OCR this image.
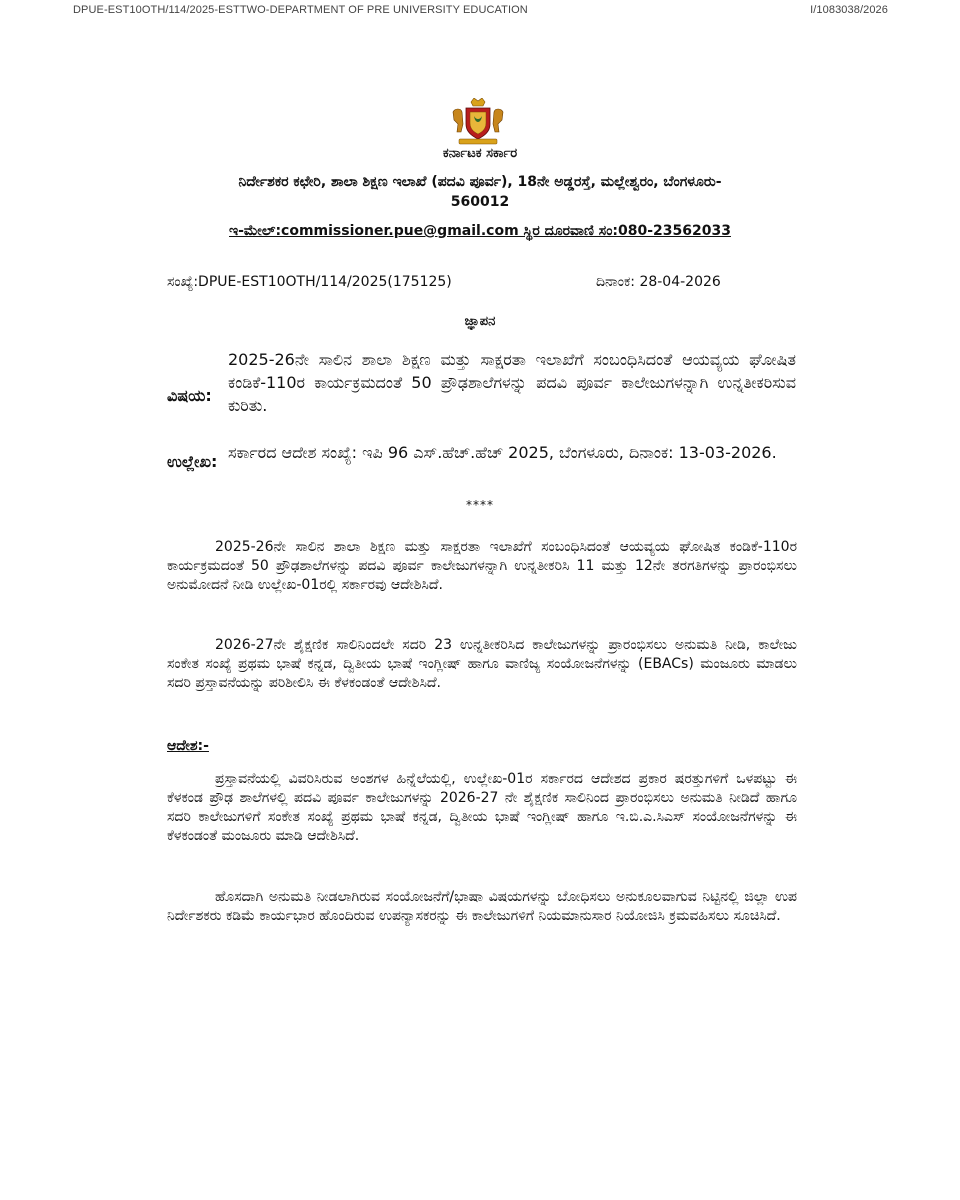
DPUE-EST10OTH/114/2025-ESTTWO-DEPARTMENT OF PRE UNIVERSITY EDUCATION	I/1083038/2026
ಕರ್ನಾಟಕ ಸರ್ಕಾರ
ನಿರ್ದೇಶಕರ ಕಛೇರಿ, ಶಾಲಾ ಶಿಕ್ಷಣ ಇಲಾಖೆ (ಪದವಿ ಪೂರ್ವ), 18ನೇ ಅಡ್ಡರಸ್ತೆ, ಮಲ್ಲೇಶ್ವರಂ, ಬೆಂಗಳೂರು-
560012
ಇ-ಮೇಲ್:commissioner.pue@gmail.com ಸ್ಥಿರ ದೂರವಾಣಿ ಸಂ:080-23562033
ಸಂಖ್ಯೆ:DPUE-EST10OTH/114/2025(175125)	ದಿನಾಂಕ: 28-04-2026
ಜ್ಞಾಪನ
ವಿಷಯ:
2025-26ನೇ ಸಾಲಿನ ಶಾಲಾ ಶಿಕ್ಷಣ ಮತ್ತು ಸಾಕ್ಷರತಾ ಇಲಾಖೆಗೆ ಸಂಬಂಧಿಸಿದಂತೆ ಆಯವ್ಯಯ ಘೋಷಿತ ಕಂಡಿಕೆ-110ರ ಕಾರ್ಯಕ್ರಮದಂತೆ 50 ಪ್ರೌಢಶಾಲೆಗಳನ್ನು ಪದವಿ ಪೂರ್ವ ಕಾಲೇಜುಗಳನ್ನಾಗಿ ಉನ್ನತೀಕರಿಸುವ ಕುರಿತು.
ಉಲ್ಲೇಖ: ಸರ್ಕಾರದ ಆದೇಶ ಸಂಖ್ಯೆ: ಇಪಿ 96 ಎಸ್.ಹೆಚ್.ಹೆಚ್ 2025, ಬೆಂಗಳೂರು, ದಿನಾಂಕ: 13-03-2026.
****
2025-26ನೇ ಸಾಲಿನ ಶಾಲಾ ಶಿಕ್ಷಣ ಮತ್ತು ಸಾಕ್ಷರತಾ ಇಲಾಖೆಗೆ ಸಂಬಂಧಿಸಿದಂತೆ ಆಯವ್ಯಯ ಘೋಷಿತ ಕಂಡಿಕೆ-110ರ ಕಾರ್ಯಕ್ರಮದಂತೆ 50 ಪ್ರೌಢಶಾಲೆಗಳನ್ನು ಪದವಿ ಪೂರ್ವ ಕಾಲೇಜುಗಳನ್ನಾಗಿ ಉನ್ನತೀಕರಿಸಿ 11 ಮತ್ತು 12ನೇ ತರಗತಿಗಳನ್ನು ಪ್ರಾರಂಭಿಸಲು ಅನುಮೋದನೆ ನೀಡಿ ಉಲ್ಲೇಖ-01ರಲ್ಲಿ ಸರ್ಕಾರವು ಆದೇಶಿಸಿದೆ.
2026-27ನೇ ಶೈಕ್ಷಣಿಕ ಸಾಲಿನಿಂದಲೇ ಸದರಿ 23 ಉನ್ನತೀಕರಿಸಿದ ಕಾಲೇಜುಗಳನ್ನು ಪ್ರಾರಂಭಿಸಲು ಅನುಮತಿ ನೀಡಿ, ಕಾಲೇಜು ಸಂಕೇತ ಸಂಖ್ಯೆ ಪ್ರಥಮ ಭಾಷೆ ಕನ್ನಡ, ದ್ವಿತೀಯ ಭಾಷೆ ಇಂಗ್ಲೀಷ್ ಹಾಗೂ ವಾಣಿಜ್ಯ ಸಂಯೋಜನೆಗಳನ್ನು (EBACs) ಮಂಜೂರು ಮಾಡಲು ಸದರಿ ಪ್ರಸ್ತಾವನೆಯನ್ನು ಪರಿಶೀಲಿಸಿ ಈ ಕೆಳಕಂಡಂತೆ ಆದೇಶಿಸಿದೆ.
ಆದೇಶ:-
ಪ್ರಸ್ತಾವನೆಯಲ್ಲಿ ವಿವರಿಸಿರುವ ಅಂಶಗಳ ಹಿನ್ನೆಲೆಯಲ್ಲಿ, ಉಲ್ಲೇಖ-01ರ ಸರ್ಕಾರದ ಆದೇಶದ ಪ್ರಕಾರ ಷರತ್ತುಗಳಿಗೆ ಒಳಪಟ್ಟು ಈ ಕೆಳಕಂಡ ಪ್ರೌಢ ಶಾಲೆಗಳಲ್ಲಿ ಪದವಿ ಪೂರ್ವ ಕಾಲೇಜುಗಳನ್ನು 2026-27 ನೇ ಶೈಕ್ಷಣಿಕ ಸಾಲಿನಿಂದ ಪ್ರಾರಂಭಿಸಲು ಅನುಮತಿ ನೀಡಿದೆ ಹಾಗೂ ಸದರಿ ಕಾಲೇಜುಗಳಿಗೆ ಸಂಕೇತ ಸಂಖ್ಯೆ ಪ್ರಥಮ ಭಾಷೆ ಕನ್ನಡ, ದ್ವಿತೀಯ ಭಾಷೆ ಇಂಗ್ಲೀಷ್ ಹಾಗೂ ಇ.ಬಿ.ಎ.ಸಿಎಸ್ ಸಂಯೋಜನೆಗಳನ್ನು ಈ ಕೆಳಕಂಡಂತೆ ಮಂಜೂರು ಮಾಡಿ ಆದೇಶಿಸಿದೆ.
ಹೊಸದಾಗಿ ಅನುಮತಿ ನೀಡಲಾಗಿರುವ ಸಂಯೋಜನೆಗೆ/ಭಾಷಾ ವಿಷಯಗಳನ್ನು ಬೋಧಿಸಲು ಅನುಕೂಲವಾಗುವ ನಿಟ್ಟಿನಲ್ಲಿ ಜಿಲ್ಲಾ ಉಪ ನಿರ್ದೇಶಕರು ಕಡಿಮೆ ಕಾರ್ಯಭಾರ ಹೊಂದಿರುವ ಉಪನ್ಯಾಸಕರನ್ನು ಈ ಕಾಲೇಜುಗಳಿಗೆ ನಿಯಮಾನುಸಾರ ನಿಯೋಜಿಸಿ ಕ್ರಮವಹಿಸಲು ಸೂಚಿಸಿದೆ.
